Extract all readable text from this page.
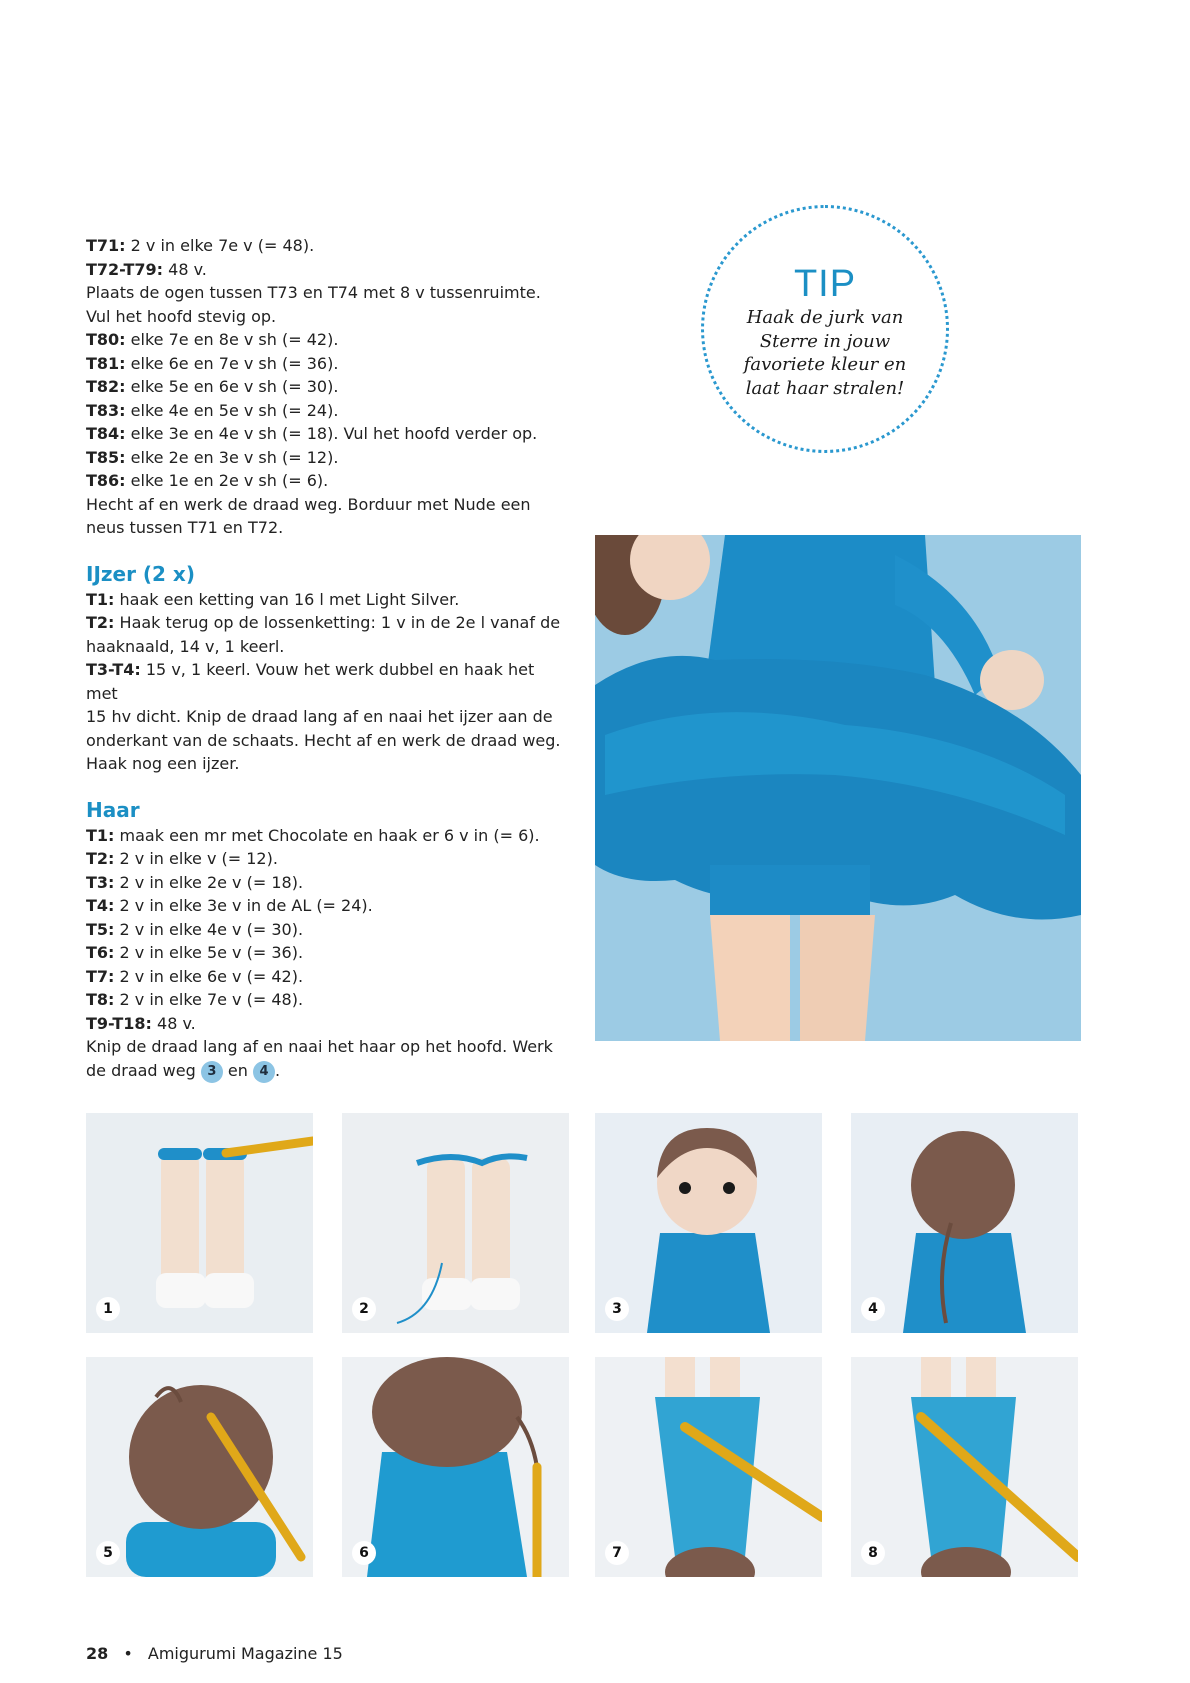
T71: 2 v in elke 7e v (= 48).

T72-T79: 48 v.

Plaats de ogen tussen T73 en T74 met 8 v tussenruimte.

Vul het hoofd stevig op.

T80: elke 7e en 8e v sh (= 42).

T81: elke 6e en 7e v sh (= 36).

T82: elke 5e en 6e v sh (= 30).

T83: elke 4e en 5e v sh (= 24).

T84: elke 3e en 4e v sh (= 18). Vul het hoofd verder op.

T85: elke 2e en 3e v sh (= 12).

T86: elke 1e en 2e v sh (= 6).

Hecht af en werk de draad weg. Borduur met Nude een

neus tussen T71 en T72.

IJzer (2 x)

T1: haak een ketting van 16 l met Light Silver.

T2: Haak terug op de lossenketting: 1 v in de 2e l vanaf de

haaknaald, 14 v, 1 keerl.

T3-T4: 15 v, 1 keerl. Vouw het werk dubbel en haak het met

15 hv dicht. Knip de draad lang af en naai het ijzer aan de

onderkant van de schaats. Hecht af en werk de draad weg.

Haak nog een ijzer.

Haar

T1: maak een mr met Chocolate en haak er 6 v in (= 6).

T2: 2 v in elke v (= 12).

T3: 2 v in elke 2e v (= 18).

T4: 2 v in elke 3e v in de AL (= 24).

T5: 2 v in elke 4e v (= 30).

T6: 2 v in elke 5e v (= 36).

T7: 2 v in elke 6e v (= 42).

T8: 2 v in elke 7e v (= 48).

T9-T18: 48 v.

Knip de draad lang af en naai het haar op het hoofd. Werk

de draad weg 3 en 4 .

TIP
Haak de jurk van Sterre in jouw favoriete kleur en laat haar stralen!
1	2	3	4
5	6	7	8
28 • Amigurumi Magazine 15
